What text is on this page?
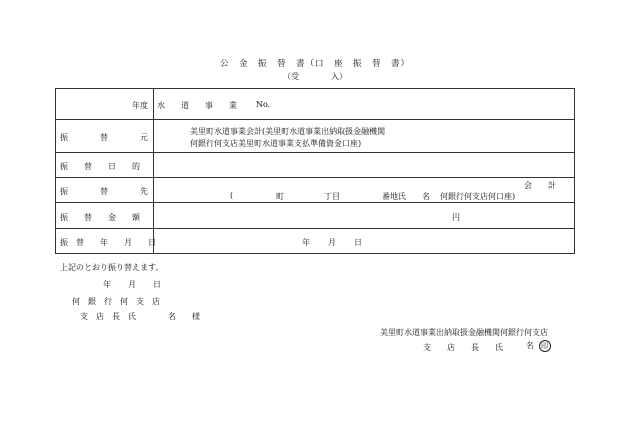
公　金　振　替　書（口　座　振　替　書）
（受　　　　入）
年度 水　　道　　事　　業 No.
振　　　　替　　　　元
美里町水道事業会計(美里町水道事業出納取扱金融機関
何銀行何支店美里町水道事業支払準備資金口座)
振　　替　　日　　的
振　　　　替　　　　先
会　　計
(	町	丁目	番地氏 名 何銀行何支店何口座)
振　　替　　金　　額	円
振　替　　年　　月　　日	年 月 日
上記のとおり振り替えます。
年 月 日
何　銀　行　何　支　店
支　店　長　氏	名　　様
美里町水道事業出納取扱金融機関何銀行何支店
支　　店　　長　　氏	名 印
